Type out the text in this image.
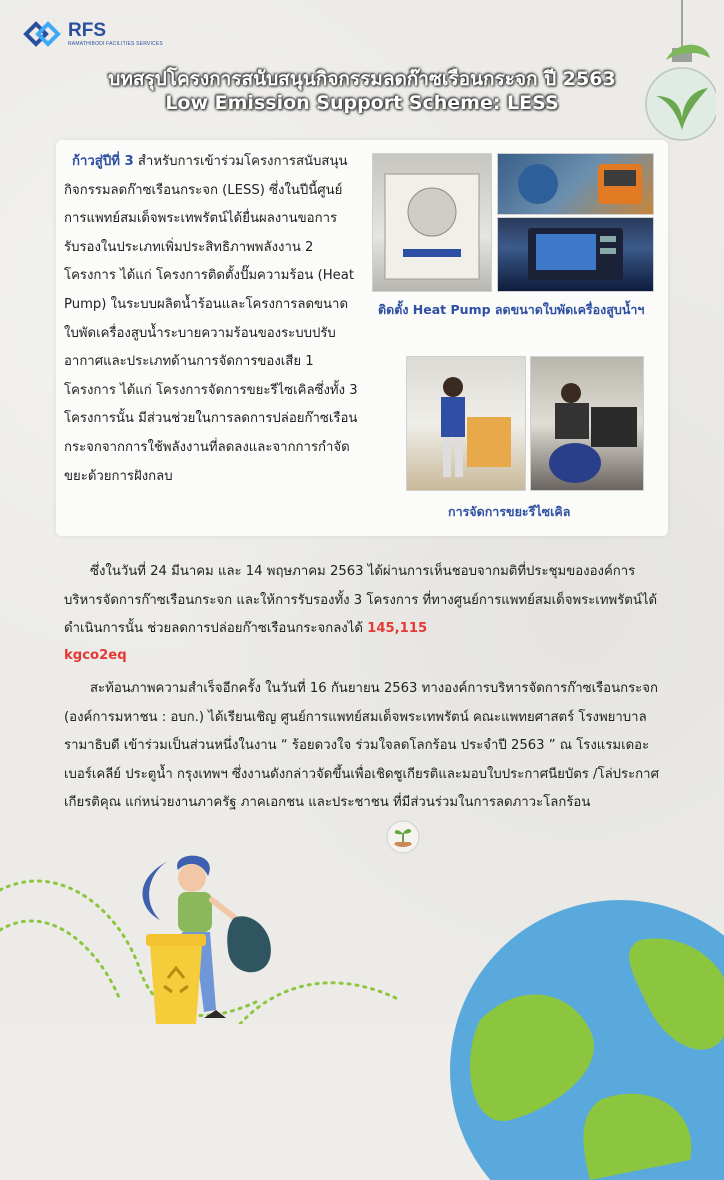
RFS
RAMATHIBODI FACILITIES SERVICES
บทสรุปโครงการสนับสนุนกิจกรรมลดก๊าซเรือนกระจก ปี 2563
Low Emission Support Scheme: LESS
ก้าวสู่ปีที่ 3 สำหรับการเข้าร่วมโครงการสนับสนุนกิจกรรมลดก๊าซเรือนกระจก (LESS) ซึ่งในปีนี้ศูนย์การแพทย์สมเด็จพระเทพรัตน์ได้ยื่นผลงานขอการรับรองในประเภทเพิ่มประสิทธิภาพพลังงาน 2 โครงการ ได้แก่ โครงการติดตั้งปั๊มความร้อน (Heat Pump) ในระบบผลิตน้ำร้อนและโครงการลดขนาดใบพัดเครื่องสูบน้ำระบายความร้อนของระบบปรับอากาศและประเภทด้านการจัดการของเสีย 1 โครงการ ได้แก่ โครงการจัดการขยะรีไซเคิลซึ่งทั้ง 3 โครงการนั้น มีส่วนช่วยในการลดการปล่อยก๊าซเรือนกระจกจากการใช้พลังงานที่ลดลงและจากการกำจัดขยะด้วยการฝังกลบ
ติดตั้ง Heat Pump ลดขนาดใบพัดเครื่องสูบน้ำฯ
การจัดการขยะรีไซเคิล
ซึ่งในวันที่ 24 มีนาคม และ 14 พฤษภาคม 2563 ได้ผ่านการเห็นชอบจากมติที่ประชุมขององค์การบริหารจัดการก๊าซเรือนกระจก และให้การรับรองทั้ง 3 โครงการ ที่ทางศูนย์การแพทย์สมเด็จพระเทพรัตน์ได้ดำเนินการนั้น ช่วยลดการปล่อยก๊าซเรือนกระจกลงได้ 145,115
kgco2eq
สะท้อนภาพความสำเร็จอีกครั้ง ในวันที่ 16 กันยายน 2563 ทางองค์การบริหารจัดการก๊าซเรือนกระจก (องค์การมหาชน : อบก.) ได้เรียนเชิญ ศูนย์การแพทย์สมเด็จพระเทพรัตน์ คณะแพทยศาสตร์ โรงพยาบาลรามาธิบดี เข้าร่วมเป็นส่วนหนึ่งในงาน “ ร้อยดวงใจ ร่วมใจลดโลกร้อน ประจำปี 2563 ” ณ โรงแรมเดอะเบอร์เคลีย์ ประตูน้ำ กรุงเทพฯ ซึ่งงานดังกล่าวจัดขึ้นเพื่อเชิดชูเกียรติและมอบใบประกาศนียบัตร /โล่ประกาศเกียรติคุณ แก่หน่วยงานภาครัฐ ภาคเอกชน และประชาชน ที่มีส่วนร่วมในการลดภาวะโลกร้อน
